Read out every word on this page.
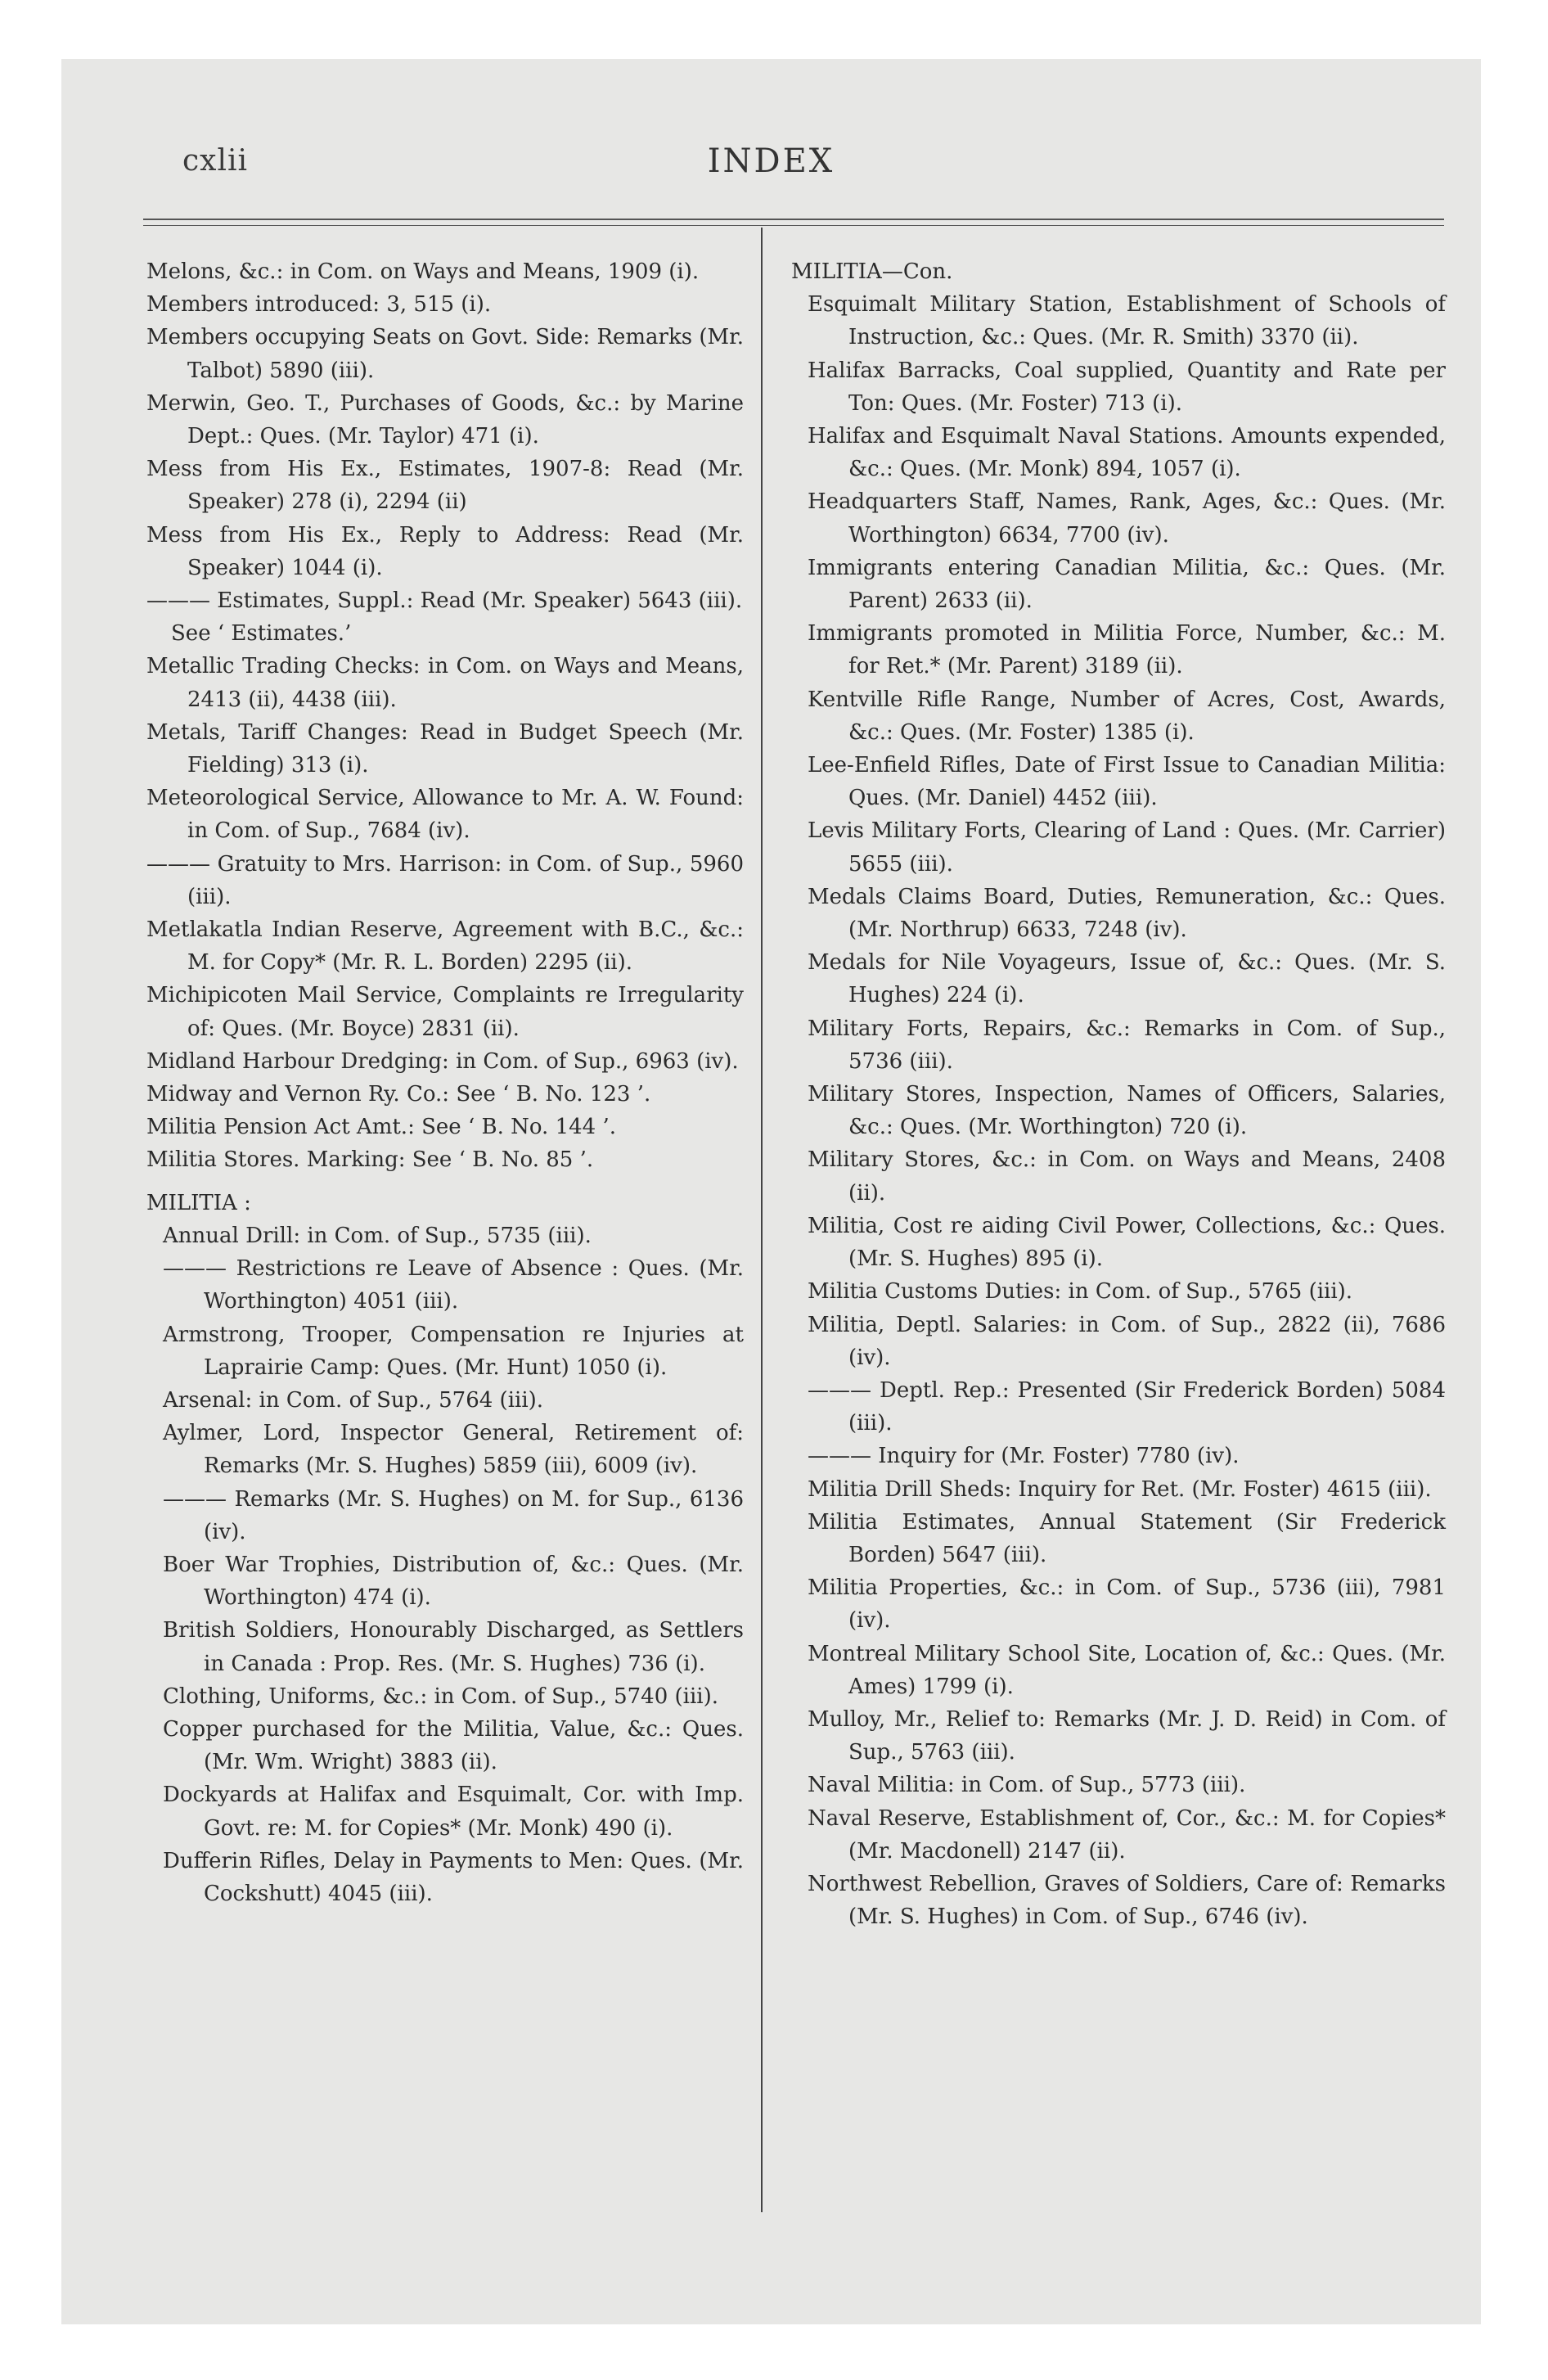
cxlii	INDEX
Melons, &c.: in Com. on Ways and Means, 1909 (i).
Members introduced: 3, 515 (i).
Members occupying Seats on Govt. Side: Remarks (Mr. Talbot) 5890 (iii).
Merwin, Geo. T., Purchases of Goods, &c.: by Marine Dept.: Ques. (Mr. Taylor) 471 (i).
Mess from His Ex., Estimates, 1907-8: Read (Mr. Speaker) 278 (i), 2294 (ii)
Mess from His Ex., Reply to Address: Read (Mr. Speaker) 1044 (i).
——— Estimates, Suppl.: Read (Mr. Speaker) 5643 (iii).
See ‘ Estimates.’
Metallic Trading Checks: in Com. on Ways and Means, 2413 (ii), 4438 (iii).
Metals, Tariff Changes: Read in Budget Speech (Mr. Fielding) 313 (i).
Meteorological Service, Allowance to Mr. A. W. Found: in Com. of Sup., 7684 (iv).
——— Gratuity to Mrs. Harrison: in Com. of Sup., 5960 (iii).
Metlakatla Indian Reserve, Agreement with B.C., &c.: M. for Copy* (Mr. R. L. Borden) 2295 (ii).
Michipicoten Mail Service, Complaints re Irregularity of: Ques. (Mr. Boyce) 2831 (ii).
Midland Harbour Dredging: in Com. of Sup., 6963 (iv).
Midway and Vernon Ry. Co.: See ‘ B. No. 123 ’.
Militia Pension Act Amt.: See ‘ B. No. 144 ’.
Militia Stores. Marking: See ‘ B. No. 85 ’.
MILITIA :
Annual Drill: in Com. of Sup., 5735 (iii).
——— Restrictions re Leave of Absence : Ques. (Mr. Worthington) 4051 (iii).
Armstrong, Trooper, Compensation re Injuries at Laprairie Camp: Ques. (Mr. Hunt) 1050 (i).
Arsenal: in Com. of Sup., 5764 (iii).
Aylmer, Lord, Inspector General, Retirement of: Remarks (Mr. S. Hughes) 5859 (iii), 6009 (iv).
——— Remarks (Mr. S. Hughes) on M. for Sup., 6136 (iv).
Boer War Trophies, Distribution of, &c.: Ques. (Mr. Worthington) 474 (i).
British Soldiers, Honourably Discharged, as Settlers in Canada : Prop. Res. (Mr. S. Hughes) 736 (i).
Clothing, Uniforms, &c.: in Com. of Sup., 5740 (iii).
Copper purchased for the Militia, Value, &c.: Ques. (Mr. Wm. Wright) 3883 (ii).
Dockyards at Halifax and Esquimalt, Cor. with Imp. Govt. re: M. for Copies* (Mr. Monk) 490 (i).
Dufferin Rifles, Delay in Payments to Men: Ques. (Mr. Cockshutt) 4045 (iii).
MILITIA—Con.
Esquimalt Military Station, Establishment of Schools of Instruction, &c.: Ques. (Mr. R. Smith) 3370 (ii).
Halifax Barracks, Coal supplied, Quantity and Rate per Ton: Ques. (Mr. Foster) 713 (i).
Halifax and Esquimalt Naval Stations. Amounts expended, &c.: Ques. (Mr. Monk) 894, 1057 (i).
Headquarters Staff, Names, Rank, Ages, &c.: Ques. (Mr. Worthington) 6634, 7700 (iv).
Immigrants entering Canadian Militia, &c.: Ques. (Mr. Parent) 2633 (ii).
Immigrants promoted in Militia Force, Number, &c.: M. for Ret.* (Mr. Parent) 3189 (ii).
Kentville Rifle Range, Number of Acres, Cost, Awards, &c.: Ques. (Mr. Foster) 1385 (i).
Lee-Enfield Rifles, Date of First Issue to Canadian Militia: Ques. (Mr. Daniel) 4452 (iii).
Levis Military Forts, Clearing of Land : Ques. (Mr. Carrier) 5655 (iii).
Medals Claims Board, Duties, Remuneration, &c.: Ques. (Mr. Northrup) 6633, 7248 (iv).
Medals for Nile Voyageurs, Issue of, &c.: Ques. (Mr. S. Hughes) 224 (i).
Military Forts, Repairs, &c.: Remarks in Com. of Sup., 5736 (iii).
Military Stores, Inspection, Names of Officers, Salaries, &c.: Ques. (Mr. Worthington) 720 (i).
Military Stores, &c.: in Com. on Ways and Means, 2408 (ii).
Militia, Cost re aiding Civil Power, Collections, &c.: Ques. (Mr. S. Hughes) 895 (i).
Militia Customs Duties: in Com. of Sup., 5765 (iii).
Militia, Deptl. Salaries: in Com. of Sup., 2822 (ii), 7686 (iv).
——— Deptl. Rep.: Presented (Sir Frederick Borden) 5084 (iii).
——— Inquiry for (Mr. Foster) 7780 (iv).
Militia Drill Sheds: Inquiry for Ret. (Mr. Foster) 4615 (iii).
Militia Estimates, Annual Statement (Sir Frederick Borden) 5647 (iii).
Militia Properties, &c.: in Com. of Sup., 5736 (iii), 7981 (iv).
Montreal Military School Site, Location of, &c.: Ques. (Mr. Ames) 1799 (i).
Mulloy, Mr., Relief to: Remarks (Mr. J. D. Reid) in Com. of Sup., 5763 (iii).
Naval Militia: in Com. of Sup., 5773 (iii).
Naval Reserve, Establishment of, Cor., &c.: M. for Copies* (Mr. Macdonell) 2147 (ii).
Northwest Rebellion, Graves of Soldiers, Care of: Remarks (Mr. S. Hughes) in Com. of Sup., 6746 (iv).
